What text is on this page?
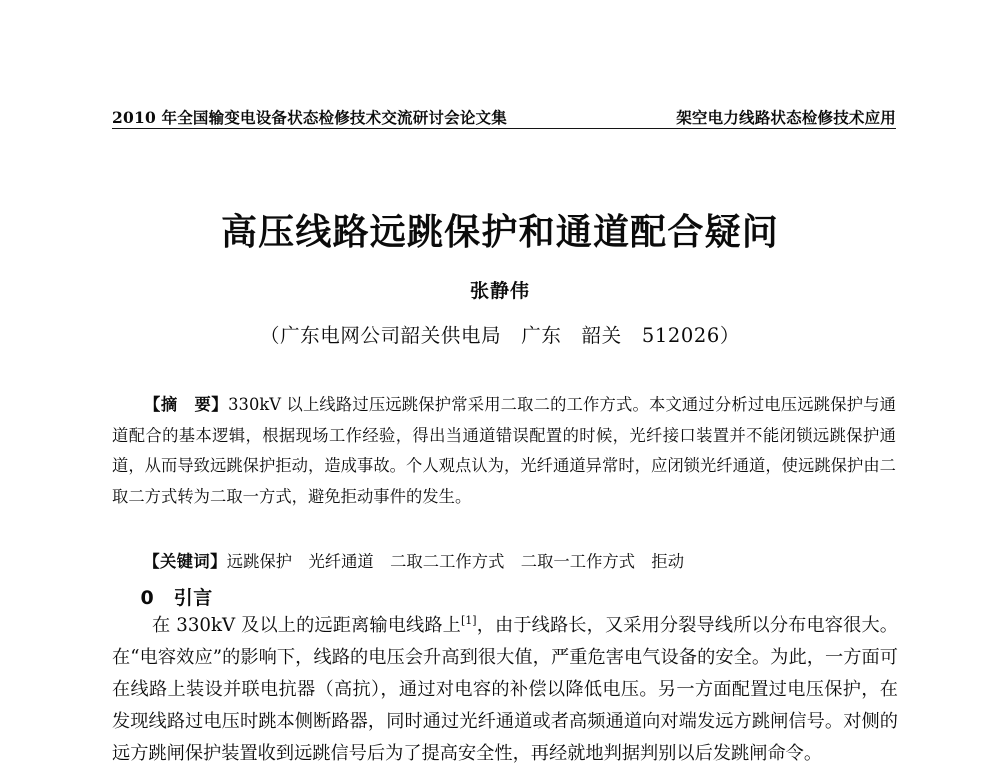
2010 年全国输变电设备状态检修技术交流研讨会论文集	架空电力线路状态检修技术应用
高压线路远跳保护和通道配合疑问
张静伟
（广东电网公司韶关供电局　广东　韶关　512026）

【摘　要】330kV 以上线路过压远跳保护常采用二取二的工作方式。本文通过分析过电压远跳保护与通道配合的基本逻辑，根据现场工作经验，得出当通道错误配置的时候，光纤接口装置并不能闭锁远跳保护通道，从而导致远跳保护拒动，造成事故。个人观点认为，光纤通道异常时，应闭锁光纤通道，使远跳保护由二取二方式转为二取一方式，避免拒动事件的发生。

【关键词】远跳保护　光纤通道　二取二工作方式　二取一工作方式　拒动

0　 引言

在 330kV 及以上的远距离输电线路上[1]，由于线路长，又采用分裂导线所以分布电容很大。在“电容效应”的影响下，线路的电压会升高到很大值，严重危害电气设备的安全。为此，一方面可在线路上装设并联电抗器（高抗），通过对电容的补偿以降低电压。另一方面配置过电压保护，在发现线路过电压时跳本侧断路器，同时通过光纤通道或者高频通道向对端发远方跳闸信号。对侧的远方跳闸保护装置收到远跳信号后为了提高安全性，再经就地判据判别以后发跳闸命令。
